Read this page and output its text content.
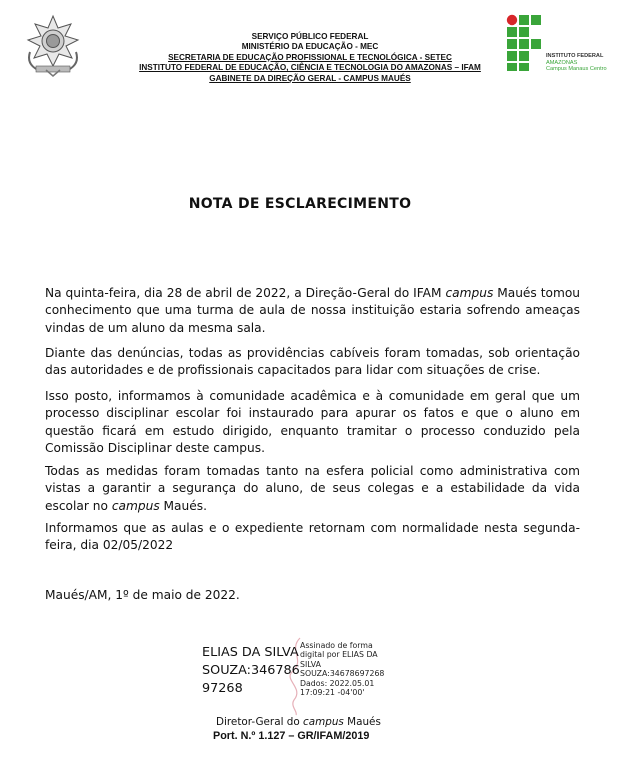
SERVIÇO PÚBLICO FEDERAL
MINISTÉRIO DA EDUCAÇÃO - MEC
SECRETARIA DE EDUCAÇÃO PROFISSIONAL E TECNOLÓGICA - SETEC
INSTITUTO FEDERAL DE EDUCAÇÃO, CIÊNCIA E TECNOLOGIA DO AMAZONAS – IFAM
GABINETE DA DIREÇÃO GERAL - CAMPUS MAUÉS
INSTITUTO FEDERAL
AMAZONAS
Campus Manaus Centro
NOTA DE ESCLARECIMENTO

Na quinta-feira, dia 28 de abril de 2022, a Direção-Geral do IFAM campus Maués tomou conhecimento que uma turma de aula de nossa instituição estaria sofrendo ameaças vindas de um aluno da mesma sala.

Diante das denúncias, todas as providências cabíveis foram tomadas, sob orientação das autoridades e de profissionais capacitados para lidar com situações de crise.

Isso posto, informamos à comunidade acadêmica e à comunidade em geral que um processo disciplinar escolar foi instaurado para apurar os fatos e que o aluno em questão ficará em estudo dirigido, enquanto tramitar o processo conduzido pela Comissão Disciplinar deste campus.

Todas as medidas foram tomadas tanto na esfera policial como administrativa com vistas a garantir a segurança do aluno, de seus colegas e a estabilidade da vida escolar no campus Maués.

Informamos que as aulas e o expediente retornam com normalidade nesta segunda-feira, dia 02/05/2022

Maués/AM, 1º de maio de 2022.
ELIAS DA SILVA SOUZA:34678697268
Assinado de forma
digital por ELIAS DA
SILVA
SOUZA:34678697268
Dados: 2022.05.01
17:09:21 -04'00'
Diretor-Geral do campus Maués
Port. N.º 1.127 – GR/IFAM/2019
